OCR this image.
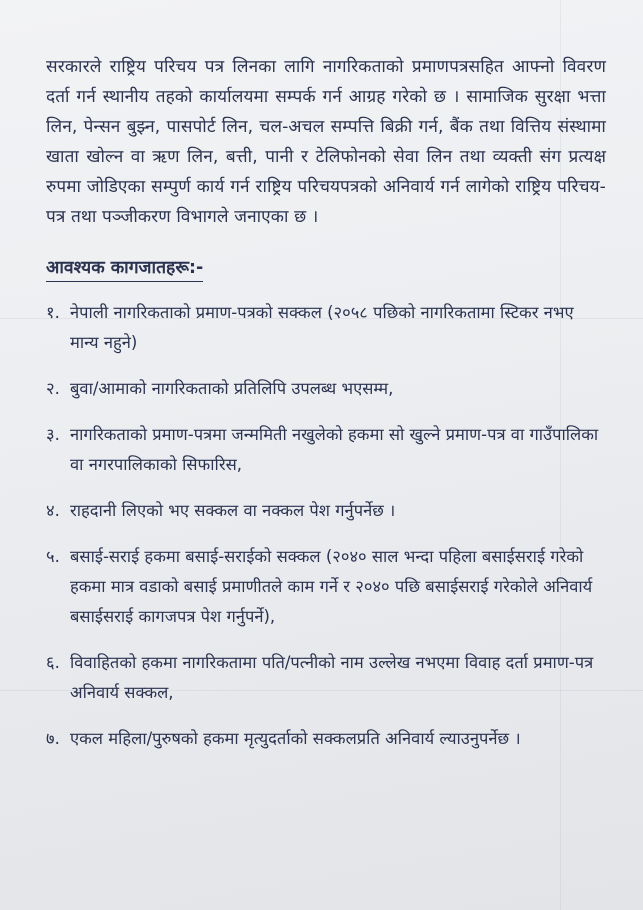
सरकारले राष्ट्रिय परिचय पत्र लिनका लागि नागरिकताको प्रमाणपत्रसहित आफ्नो विवरण दर्ता गर्न स्थानीय तहको कार्यालयमा सम्पर्क गर्न आग्रह गरेको छ । सामाजिक सुरक्षा भत्ता लिन, पेन्सन बुझ्न, पासपोर्ट लिन, चल-अचल सम्पत्ति बिक्री गर्न, बैंक तथा वित्तिय संस्थामा खाता खोल्न वा ऋण लिन, बत्ती, पानी र टेलिफोनको सेवा लिन तथा व्यक्ती संग प्रत्यक्ष रुपमा जोडिएका सम्पुर्ण कार्य गर्न राष्ट्रिय परिचयपत्रको अनिवार्य गर्न लागेको राष्ट्रिय परिचय-पत्र तथा पञ्जीकरण विभागले जनाएका छ ।

आवश्यक कागजातहरू:-
१. नेपाली नागरिकताको प्रमाण-पत्रको सक्कल (२०५८ पछिको नागरिकतामा स्टिकर नभए मान्य नहुने)
२. बुवा/आमाको नागरिकताको प्रतिलिपि उपलब्ध भएसम्म,
३. नागरिकताको प्रमाण-पत्रमा जन्ममिती नखुलेको हकमा सो खुल्ने प्रमाण-पत्र वा गाउँपालिका वा नगरपालिकाको सिफारिस,
४. राहदानी लिएको भए सक्कल वा नक्कल पेश गर्नुपर्नेछ ।
५. बसाई-सराई हकमा बसाई-सराईको सक्कल (२०४० साल भन्दा पहिला बसाईसराई गरेको हकमा मात्र वडाको बसाई प्रमाणीतले काम गर्ने र २०४० पछि बसाईसराई गरेकोले अनिवार्य बसाईसराई कागजपत्र पेश गर्नुपर्ने),
६. विवाहितको हकमा नागरिकतामा पति/पत्नीको नाम उल्लेख नभएमा विवाह दर्ता प्रमाण-पत्र अनिवार्य सक्कल,
७. एकल महिला/पुरुषको हकमा मृत्युदर्ताको सक्कलप्रति अनिवार्य ल्याउनुपर्नेछ ।
